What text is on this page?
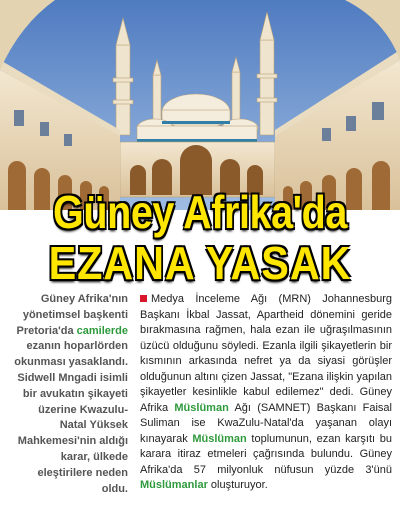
Güney Afrika'da
EZANA YASAK
Güney Afrika'nın yönetimsel başkenti Pretoria'da camilerde ezanın hoparlörden okunması yasaklandı. Sidwell Mngadi isimli bir avukatın şikayeti üzerine Kwazulu-Natal Yüksek Mahkemesi'nin aldığı karar, ülkede eleştirilere neden oldu.
Medya İnceleme Ağı (MRN) Johannesburg Başkanı İkbal Jassat, Apartheid dönemini geride bırakmasına rağmen, hala ezan ile uğraşılmasının üzücü olduğunu söyledi. Ezanla ilgili şikayetlerin bir kısmının arkasında nefret ya da siyasi görüşler olduğunun altını çizen Jassat, "Ezana ilişkin yapılan şikayetler kesinlikle kabul edilemez" dedi. Güney Afrika Müslüman Ağı (SAMNET) Başkanı Faisal Suliman ise KwaZulu-Natal'da yaşanan olayı kınayarak Müslüman toplumunun, ezan karşıtı bu karara itiraz etmeleri çağrısında bulundu. Güney Afrika'da 57 milyonluk nüfusun yüzde 3'ünü Müslümanlar oluşturuyor.
